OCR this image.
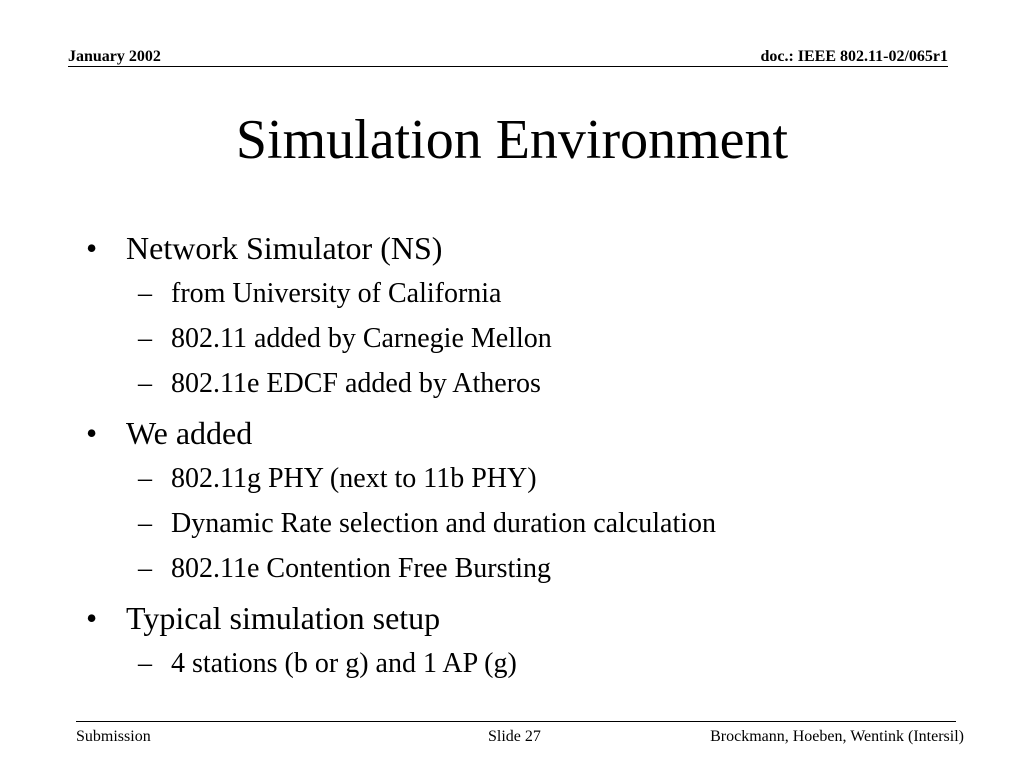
January 2002	doc.: IEEE 802.11-02/065r1
Simulation Environment
• Network Simulator (NS)
– from University of California
– 802.11 added by Carnegie Mellon
– 802.11e EDCF added by Atheros
• We added
– 802.11g PHY (next to 11b PHY)
– Dynamic Rate selection and duration calculation
– 802.11e Contention Free Bursting
• Typical simulation setup
– 4 stations (b or g) and 1 AP (g)
Submission	Slide 27	Brockmann, Hoeben, Wentink (Intersil)
